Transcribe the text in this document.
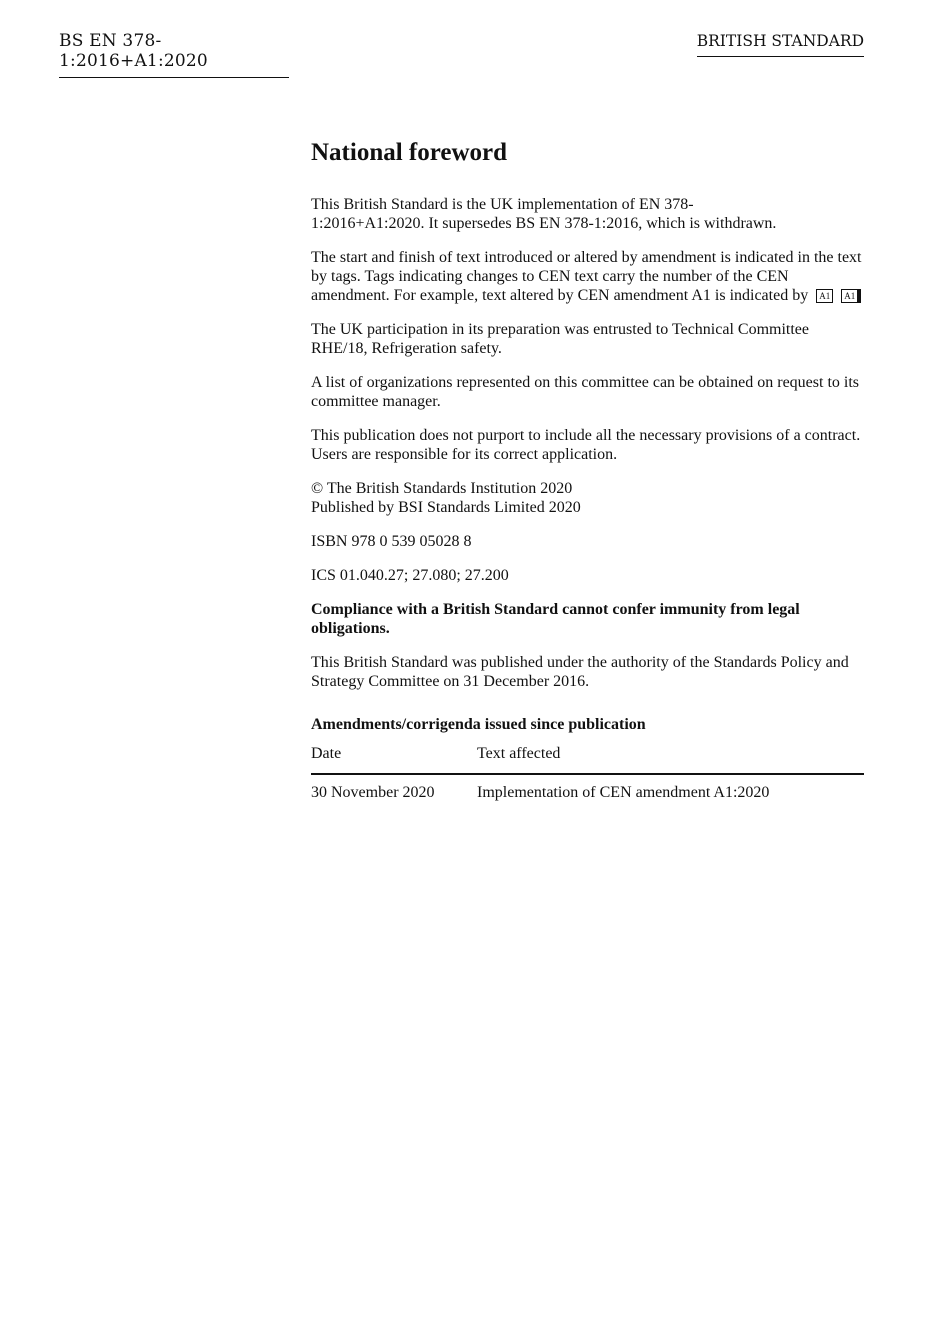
BS EN 378-1:2016+A1:2020
BRITISH STANDARD
National foreword

This British Standard is the UK implementation of EN 378-1:2016+A1:2020. It supersedes BS EN 378-1:2016, which is withdrawn.

The start and finish of text introduced or altered by amendment is indicated in the text by tags. Tags indicating changes to CEN text carry the number of the CEN amendment. For example, text altered by CEN amendment A1 is indicated by A1 A1

The UK participation in its preparation was entrusted to Technical Committee RHE/18, Refrigeration safety.

A list of organizations represented on this committee can be obtained on request to its committee manager.

This publication does not purport to include all the necessary provisions of a contract. Users are responsible for its correct application.

© The British Standards Institution 2020
Published by BSI Standards Limited 2020

ISBN 978 0 539 05028 8

ICS 01.040.27; 27.080; 27.200

Compliance with a British Standard cannot confer immunity from legal obligations.

This British Standard was published under the authority of the Standards Policy and Strategy Committee on 31 December 2016.

Amendments/corrigenda issued since publication
Date	Text affected
30 November 2020	Implementation of CEN amendment A1:2020
